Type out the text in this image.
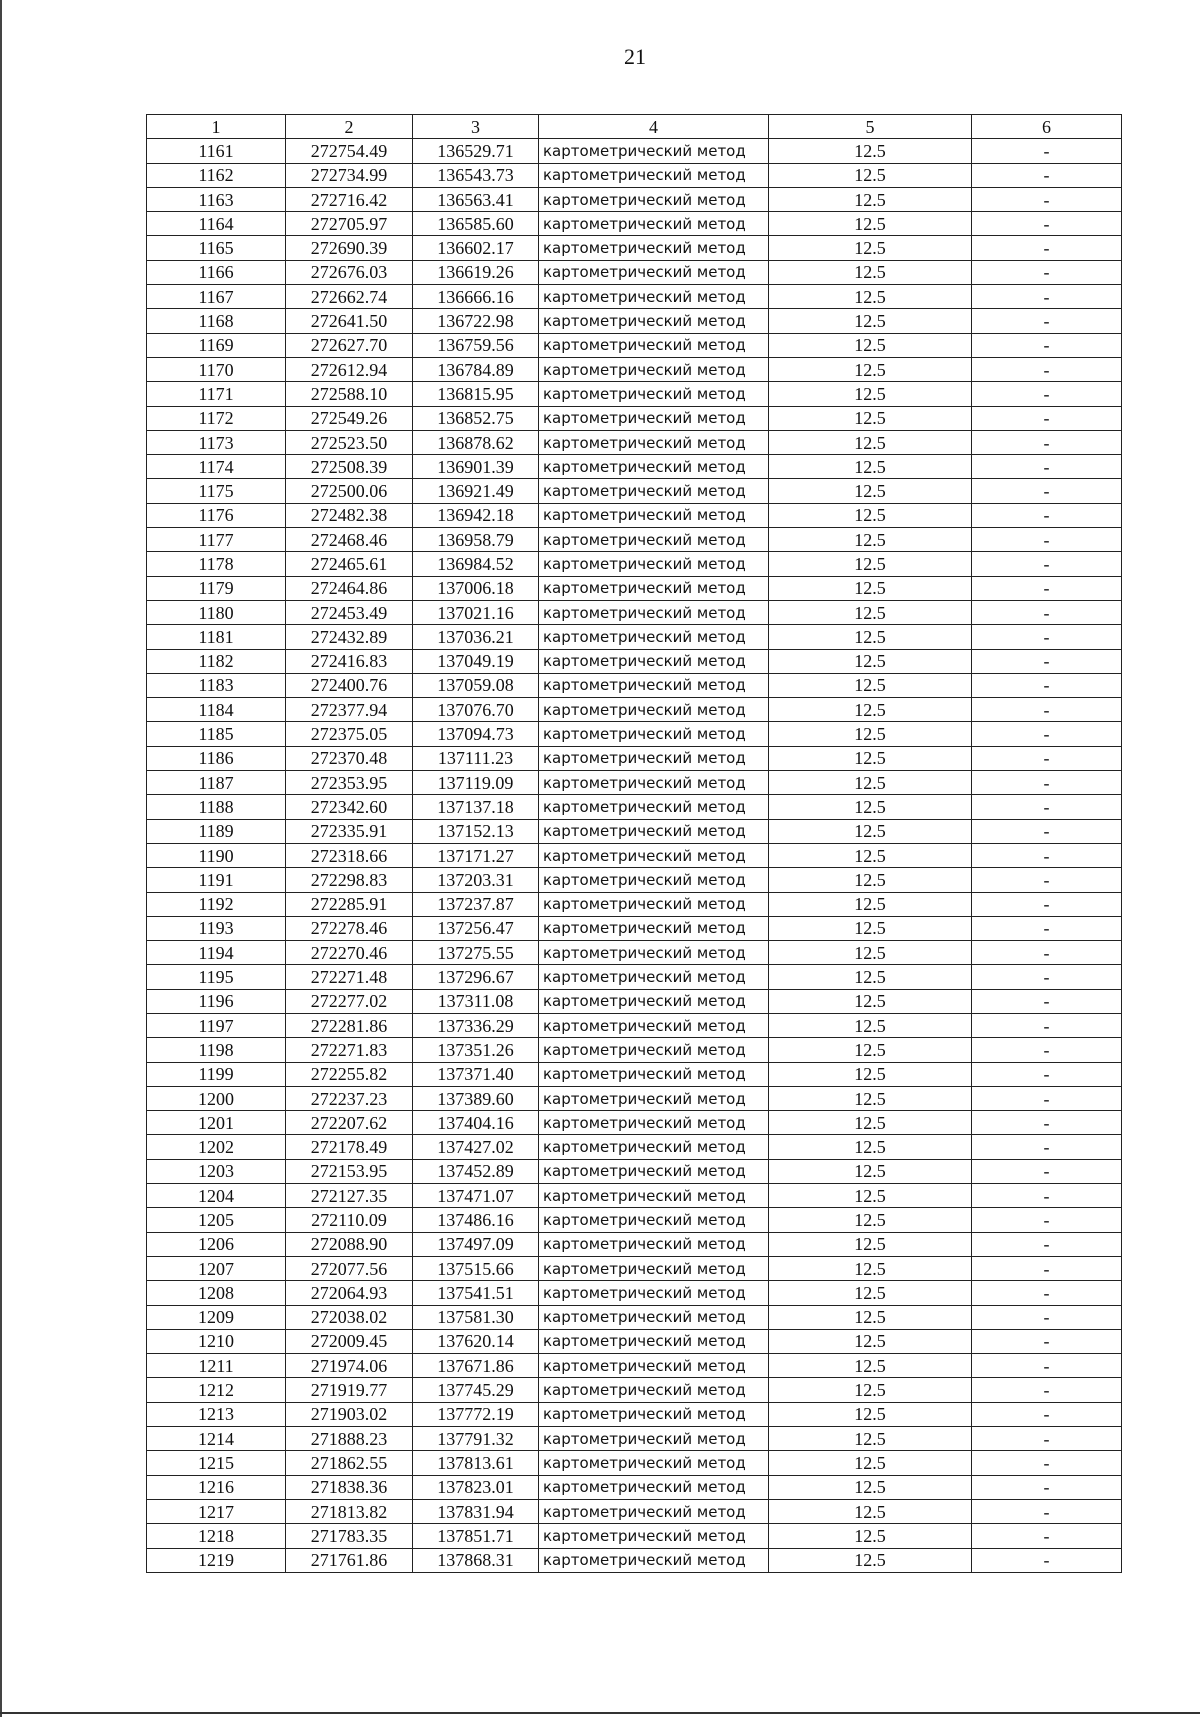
21
1	2	3	4	5	6
1161	272754.49	136529.71	картометрический метод	12.5	-
1162	272734.99	136543.73	картометрический метод	12.5	-
1163	272716.42	136563.41	картометрический метод	12.5	-
1164	272705.97	136585.60	картометрический метод	12.5	-
1165	272690.39	136602.17	картометрический метод	12.5	-
1166	272676.03	136619.26	картометрический метод	12.5	-
1167	272662.74	136666.16	картометрический метод	12.5	-
1168	272641.50	136722.98	картометрический метод	12.5	-
1169	272627.70	136759.56	картометрический метод	12.5	-
1170	272612.94	136784.89	картометрический метод	12.5	-
1171	272588.10	136815.95	картометрический метод	12.5	-
1172	272549.26	136852.75	картометрический метод	12.5	-
1173	272523.50	136878.62	картометрический метод	12.5	-
1174	272508.39	136901.39	картометрический метод	12.5	-
1175	272500.06	136921.49	картометрический метод	12.5	-
1176	272482.38	136942.18	картометрический метод	12.5	-
1177	272468.46	136958.79	картометрический метод	12.5	-
1178	272465.61	136984.52	картометрический метод	12.5	-
1179	272464.86	137006.18	картометрический метод	12.5	-
1180	272453.49	137021.16	картометрический метод	12.5	-
1181	272432.89	137036.21	картометрический метод	12.5	-
1182	272416.83	137049.19	картометрический метод	12.5	-
1183	272400.76	137059.08	картометрический метод	12.5	-
1184	272377.94	137076.70	картометрический метод	12.5	-
1185	272375.05	137094.73	картометрический метод	12.5	-
1186	272370.48	137111.23	картометрический метод	12.5	-
1187	272353.95	137119.09	картометрический метод	12.5	-
1188	272342.60	137137.18	картометрический метод	12.5	-
1189	272335.91	137152.13	картометрический метод	12.5	-
1190	272318.66	137171.27	картометрический метод	12.5	-
1191	272298.83	137203.31	картометрический метод	12.5	-
1192	272285.91	137237.87	картометрический метод	12.5	-
1193	272278.46	137256.47	картометрический метод	12.5	-
1194	272270.46	137275.55	картометрический метод	12.5	-
1195	272271.48	137296.67	картометрический метод	12.5	-
1196	272277.02	137311.08	картометрический метод	12.5	-
1197	272281.86	137336.29	картометрический метод	12.5	-
1198	272271.83	137351.26	картометрический метод	12.5	-
1199	272255.82	137371.40	картометрический метод	12.5	-
1200	272237.23	137389.60	картометрический метод	12.5	-
1201	272207.62	137404.16	картометрический метод	12.5	-
1202	272178.49	137427.02	картометрический метод	12.5	-
1203	272153.95	137452.89	картометрический метод	12.5	-
1204	272127.35	137471.07	картометрический метод	12.5	-
1205	272110.09	137486.16	картометрический метод	12.5	-
1206	272088.90	137497.09	картометрический метод	12.5	-
1207	272077.56	137515.66	картометрический метод	12.5	-
1208	272064.93	137541.51	картометрический метод	12.5	-
1209	272038.02	137581.30	картометрический метод	12.5	-
1210	272009.45	137620.14	картометрический метод	12.5	-
1211	271974.06	137671.86	картометрический метод	12.5	-
1212	271919.77	137745.29	картометрический метод	12.5	-
1213	271903.02	137772.19	картометрический метод	12.5	-
1214	271888.23	137791.32	картометрический метод	12.5	-
1215	271862.55	137813.61	картометрический метод	12.5	-
1216	271838.36	137823.01	картометрический метод	12.5	-
1217	271813.82	137831.94	картометрический метод	12.5	-
1218	271783.35	137851.71	картометрический метод	12.5	-
1219	271761.86	137868.31	картометрический метод	12.5	-
